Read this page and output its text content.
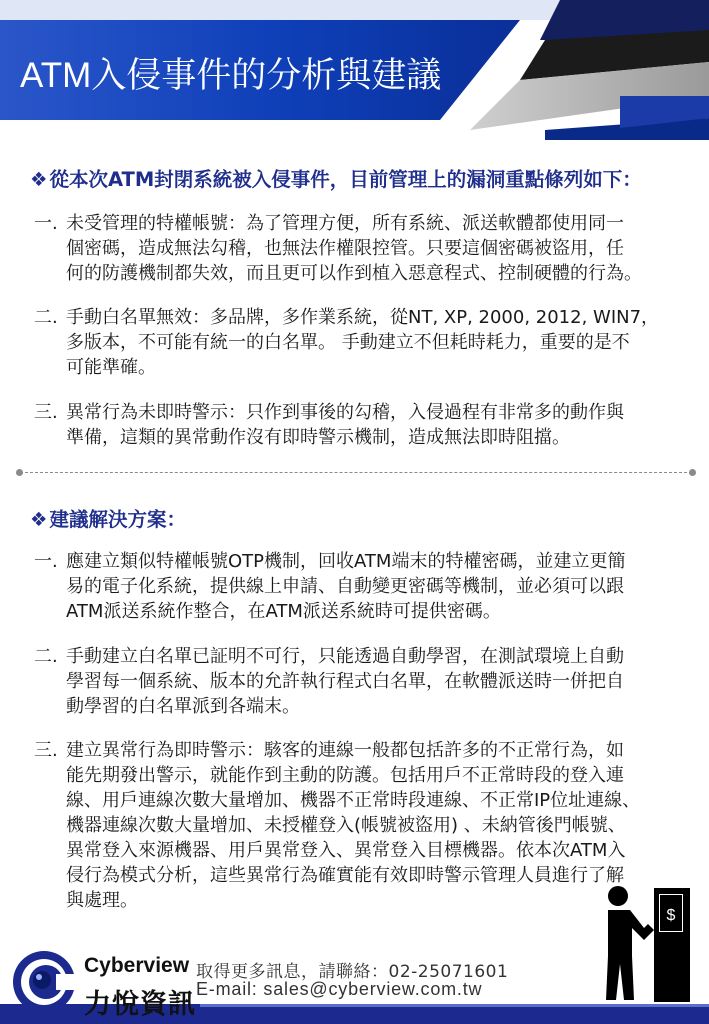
ATM入侵事件的分析與建議
❖ 從本次ATM封閉系統被入侵事件，目前管理上的漏洞重點條列如下：
一. 未受管理的特權帳號：為了管理方便，所有系統、派送軟體都使用同一
個密碼，造成無法勾稽，也無法作權限控管。只要這個密碼被盜用，任
何的防護機制都失效，而且更可以作到植入惡意程式、控制硬體的行為。
二. 手動白名單無效：多品牌，多作業系統，從NT, XP, 2000, 2012, WIN7，
多版本，不可能有統一的白名單。 手動建立不但耗時耗力，重要的是不
可能準確。
三. 異常行為未即時警示：只作到事後的勾稽，入侵過程有非常多的動作與
準備，這類的異常動作沒有即時警示機制，造成無法即時阻擋。
❖ 建議解決方案：
一. 應建立類似特權帳號OTP機制，回收ATM端末的特權密碼，並建立更簡
易的電子化系統，提供線上申請、自動變更密碼等機制，並必須可以跟
ATM派送系統作整合，在ATM派送系統時可提供密碼。
二. 手動建立白名單已証明不可行，只能透過自動學習，在測試環境上自動
學習每一個系統、版本的允許執行程式白名單，在軟體派送時一併把自
動學習的白名單派到各端末。
三. 建立異常行為即時警示：駭客的連線一般都包括許多的不正常行為，如
能先期發出警示，就能作到主動的防護。包括用戶不正常時段的登入連
線、用戶連線次數大量增加、機器不正常時段連線、不正常IP位址連線、
機器連線次數大量增加、未授權登入(帳號被盜用) 、未納管後門帳號、
異常登入來源機器、用戶異常登入、異常登入目標機器。依本次ATM入
侵行為模式分析，這些異常行為確實能有效即時警示管理人員進行了解
與處理。
$
Cyberview
力悅資訊
取得更多訊息，請聯絡：02-25071601
E-mail: sales@cyberview.com.tw
